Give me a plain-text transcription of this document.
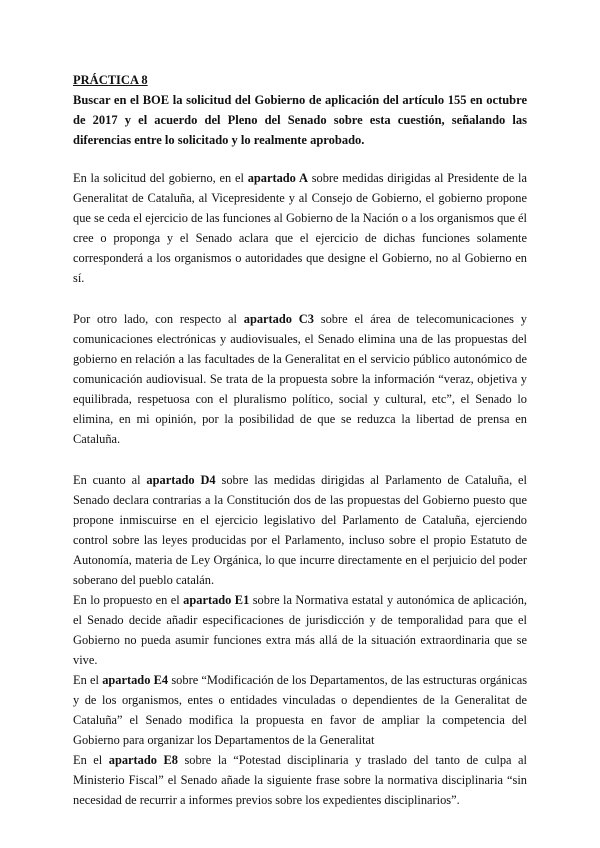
PRÁCTICA 8

Buscar en el BOE la solicitud del Gobierno de aplicación del artículo 155 en octubre de 2017 y el acuerdo del Pleno del Senado sobre esta cuestión, señalando las diferencias entre lo solicitado y lo realmente aprobado.

En la solicitud del gobierno, en el apartado A sobre medidas dirigidas al Presidente de la Generalitat de Cataluña, al Vicepresidente y al Consejo de Gobierno, el gobierno propone que se ceda el ejercicio de las funciones al Gobierno de la Nación o a los organismos que él cree o proponga y el Senado aclara que el ejercicio de dichas funciones solamente corresponderá a los organismos o autoridades que designe el Gobierno, no al Gobierno en sí.

Por otro lado, con respecto al apartado C3 sobre el área de telecomunicaciones y comunicaciones electrónicas y audiovisuales, el Senado elimina una de las propuestas del gobierno en relación a las facultades de la Generalitat en el servicio público autonómico de comunicación audiovisual. Se trata de la propuesta sobre la información “veraz, objetiva y equilibrada, respetuosa con el pluralismo político, social y cultural, etc”, el Senado lo elimina, en mi opinión, por la posibilidad de que se reduzca la libertad de prensa en Cataluña.

En cuanto al apartado D4 sobre las medidas dirigidas al Parlamento de Cataluña, el Senado declara contrarias a la Constitución dos de las propuestas del Gobierno puesto que propone inmiscuirse en el ejercicio legislativo del Parlamento de Cataluña, ejerciendo control sobre las leyes producidas por el Parlamento, incluso sobre el propio Estatuto de Autonomía, materia de Ley Orgánica, lo que incurre directamente en el perjuicio del poder soberano del pueblo catalán.

En lo propuesto en el apartado E1 sobre la Normativa estatal y autonómica de aplicación, el Senado decide añadir especificaciones de jurisdicción y de temporalidad para que el Gobierno no pueda asumir funciones extra más allá de la situación extraordinaria que se vive.

En el apartado E4 sobre “Modificación de los Departamentos, de las estructuras orgánicas y de los organismos, entes o entidades vinculadas o dependientes de la Generalitat de Cataluña” el Senado modifica la propuesta en favor de ampliar la competencia del Gobierno para organizar los Departamentos de la Generalitat

En el apartado E8 sobre la “Potestad disciplinaria y traslado del tanto de culpa al Ministerio Fiscal” el Senado añade la siguiente frase sobre la normativa disciplinaria “sin necesidad de recurrir a informes previos sobre los expedientes disciplinarios”.
